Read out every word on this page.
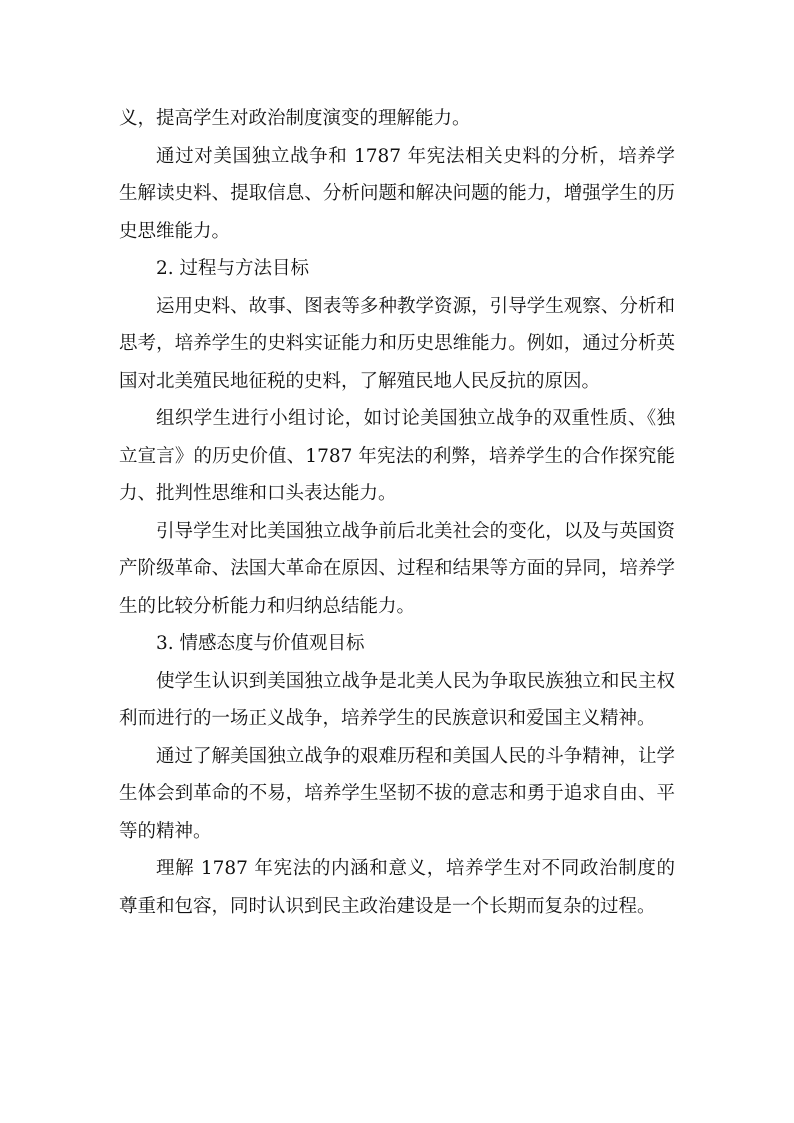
义，提高学生对政治制度演变的理解能力。

通过对美国独立战争和 1787 年宪法相关史料的分析，培养学生解读史料、提取信息、分析问题和解决问题的能力，增强学生的历史思维能力。

2. 过程与方法目标

运用史料、故事、图表等多种教学资源，引导学生观察、分析和思考，培养学生的史料实证能力和历史思维能力。例如，通过分析英国对北美殖民地征税的史料，了解殖民地人民反抗的原因。

组织学生进行小组讨论，如讨论美国独立战争的双重性质、《独立宣言》的历史价值、1787 年宪法的利弊，培养学生的合作探究能力、批判性思维和口头表达能力。

引导学生对比美国独立战争前后北美社会的变化，以及与英国资产阶级革命、法国大革命在原因、过程和结果等方面的异同，培养学生的比较分析能力和归纳总结能力。

3. 情感态度与价值观目标

使学生认识到美国独立战争是北美人民为争取民族独立和民主权利而进行的一场正义战争，培养学生的民族意识和爱国主义精神。

通过了解美国独立战争的艰难历程和美国人民的斗争精神，让学生体会到革命的不易，培养学生坚韧不拔的意志和勇于追求自由、平等的精神。

理解 1787 年宪法的内涵和意义，培养学生对不同政治制度的尊重和包容，同时认识到民主政治建设是一个长期而复杂的过程。
